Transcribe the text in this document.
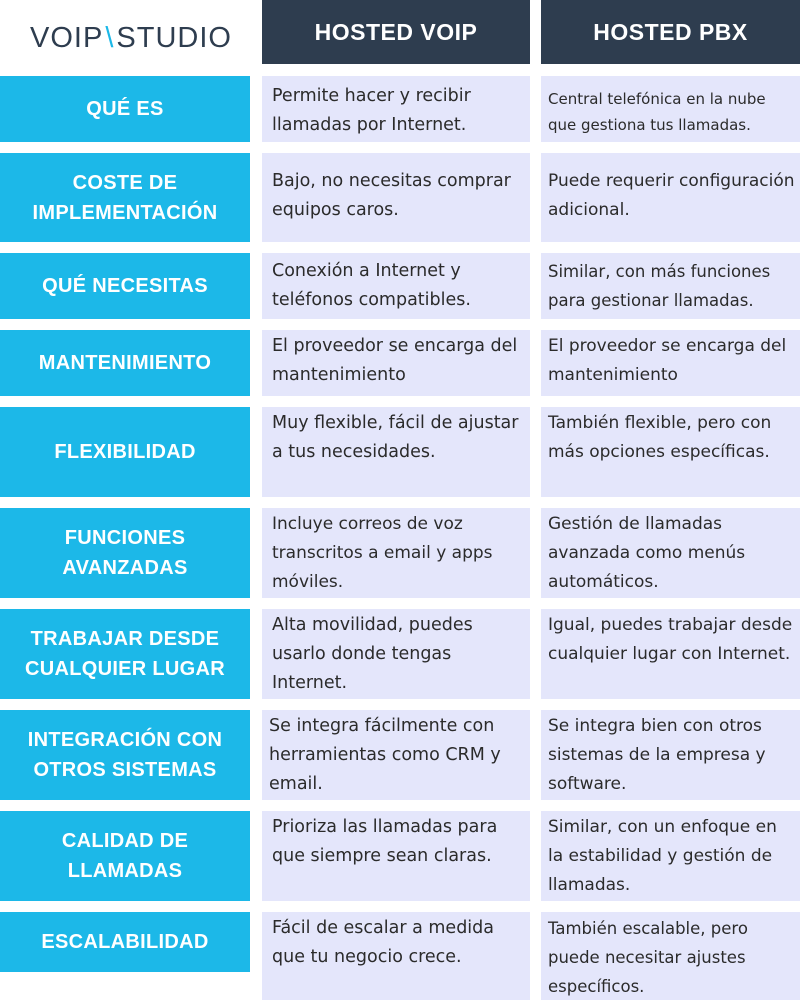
VOIP \ STUDIO	HOSTED VOIP	HOSTED PBX
QUÉ ES
Permite hacer y recibir llamadas por Internet.
Central telefónica en la nube que gestiona tus llamadas.
COSTE DE
IMPLEMENTACIÓN
Bajo, no necesitas comprar equipos caros.
Puede requerir configuración adicional.
QUÉ NECESITAS
Conexión a Internet y teléfonos compatibles.
Similar, con más funciones para gestionar llamadas.
MANTENIMIENTO
El proveedor se encarga del mantenimiento
El proveedor se encarga del mantenimiento
FLEXIBILIDAD
Muy flexible, fácil de ajustar a tus necesidades.
También flexible, pero con más opciones específicas.
FUNCIONES
AVANZADAS
Incluye correos de voz transcritos a email y apps móviles.
Gestión de llamadas avanzada como menús automáticos.
TRABAJAR DESDE
CUALQUIER LUGAR
Alta movilidad, puedes usarlo donde tengas Internet.
Igual, puedes trabajar desde cualquier lugar con Internet.
INTEGRACIÓN CON
OTROS SISTEMAS
Se integra fácilmente con herramientas como CRM y email.
Se integra bien con otros sistemas de la empresa y software.
CALIDAD DE
LLAMADAS
Prioriza las llamadas para que siempre sean claras.
Similar, con un enfoque en la estabilidad y gestión de llamadas.
ESCALABILIDAD
Fácil de escalar a medida que tu negocio crece.
También escalable, pero puede necesitar ajustes específicos.
